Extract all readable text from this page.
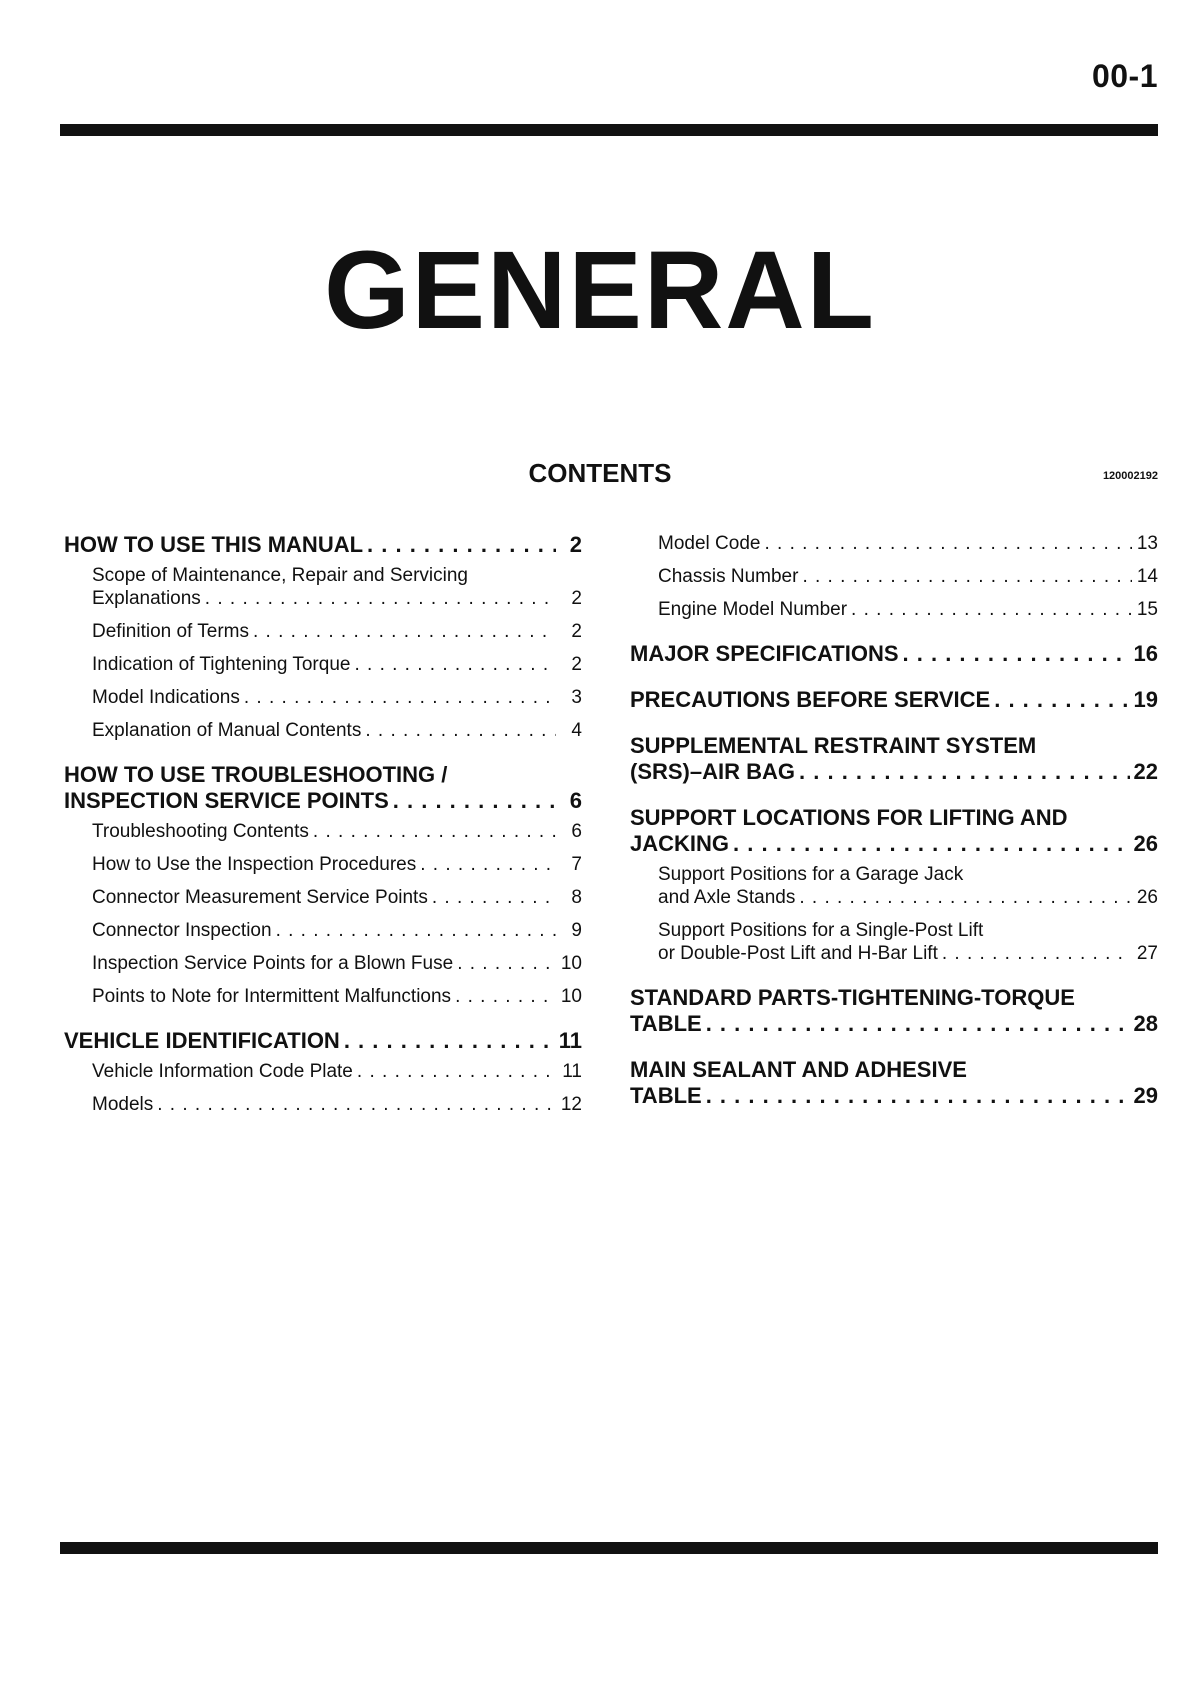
00-1
GENERAL
CONTENTS	120002192
HOW TO USE THIS MANUAL . . .	2
Scope of Maintenance, Repair and Servicing
Explanations . . .	2
Definition of Terms . . .	2
Indication of Tightening Torque . . .	2
Model Indications . . .	3
Explanation of Manual Contents . . .	4
HOW TO USE TROUBLESHOOTING /
INSPECTION SERVICE POINTS . . .	6
Troubleshooting Contents . . .	6
How to Use the Inspection Procedures . . .	7
Connector Measurement Service Points . . .	8
Connector Inspection . . .	9
Inspection Service Points for a Blown Fuse . . .	10
Points to Note for Intermittent Malfunctions . . .	10
VEHICLE IDENTIFICATION . . .	11
Vehicle Information Code Plate . . .	11
Models . . .	12
Model Code . . .	13
Chassis Number . . .	14
Engine Model Number . . .	15
MAJOR SPECIFICATIONS . . .	16
PRECAUTIONS BEFORE SERVICE . . .	19
SUPPLEMENTAL RESTRAINT SYSTEM
(SRS)–AIR BAG . . .	22
SUPPORT LOCATIONS FOR LIFTING AND
JACKING . . .	26
Support Positions for a Garage Jack
and Axle Stands . . .	26
Support Positions for a Single-Post Lift
or Double-Post Lift and H-Bar Lift . . .	27
STANDARD PARTS-TIGHTENING-TORQUE
TABLE . . .	28
MAIN SEALANT AND ADHESIVE
TABLE . . .	29
